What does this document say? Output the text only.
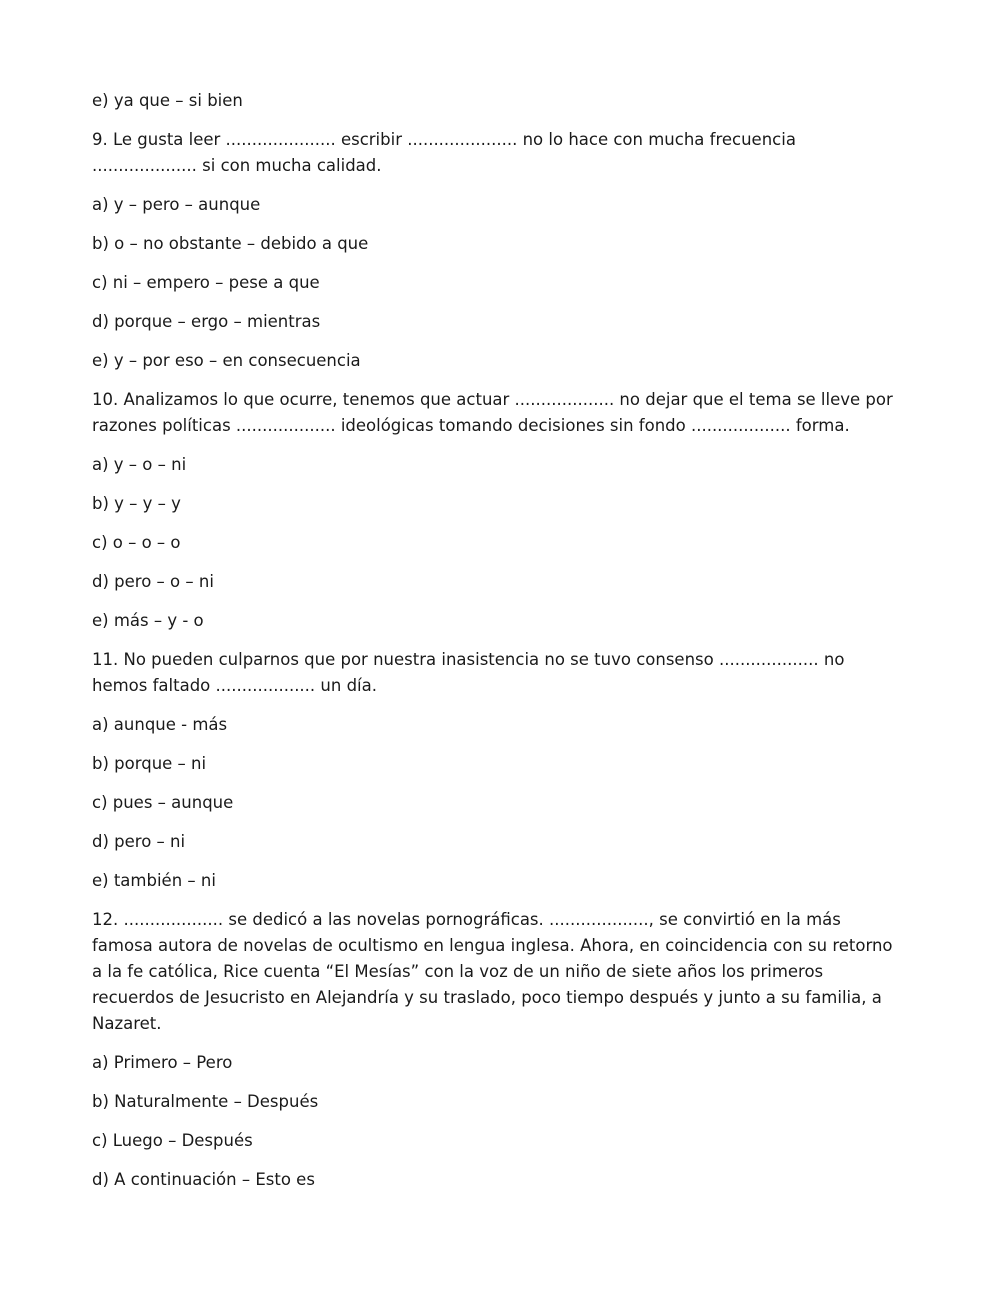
e) ya que – si bien

9. Le gusta leer ..................... escribir ..................... no lo hace con mucha frecuencia .................... si con mucha calidad.

a) y – pero – aunque

b) o – no obstante – debido a que

c) ni – empero – pese a que

d) porque – ergo – mientras

e) y – por eso – en consecuencia

10. Analizamos lo que ocurre, tenemos que actuar ................... no dejar que el tema se lleve por razones políticas ................... ideológicas tomando decisiones sin fondo ................... forma.

a) y – o – ni

b) y – y – y

c) o – o – o

d) pero – o – ni

e) más – y - o

11. No pueden culparnos que por nuestra inasistencia no se tuvo consenso ................... no hemos faltado ................... un día.

a) aunque - más

b) porque – ni

c) pues – aunque

d) pero – ni

e) también – ni

12. ................... se dedicó a las novelas pornográficas. ..................., se convirtió en la más famosa autora de novelas de ocultismo en lengua inglesa. Ahora, en coincidencia con su retorno a la fe católica, Rice cuenta “El Mesías” con la voz de un niño de siete años los primeros recuerdos de Jesucristo en Alejandría y su traslado, poco tiempo después y junto a su familia, a Nazaret.

a) Primero – Pero

b) Naturalmente – Después

c) Luego – Después

d) A continuación – Esto es
